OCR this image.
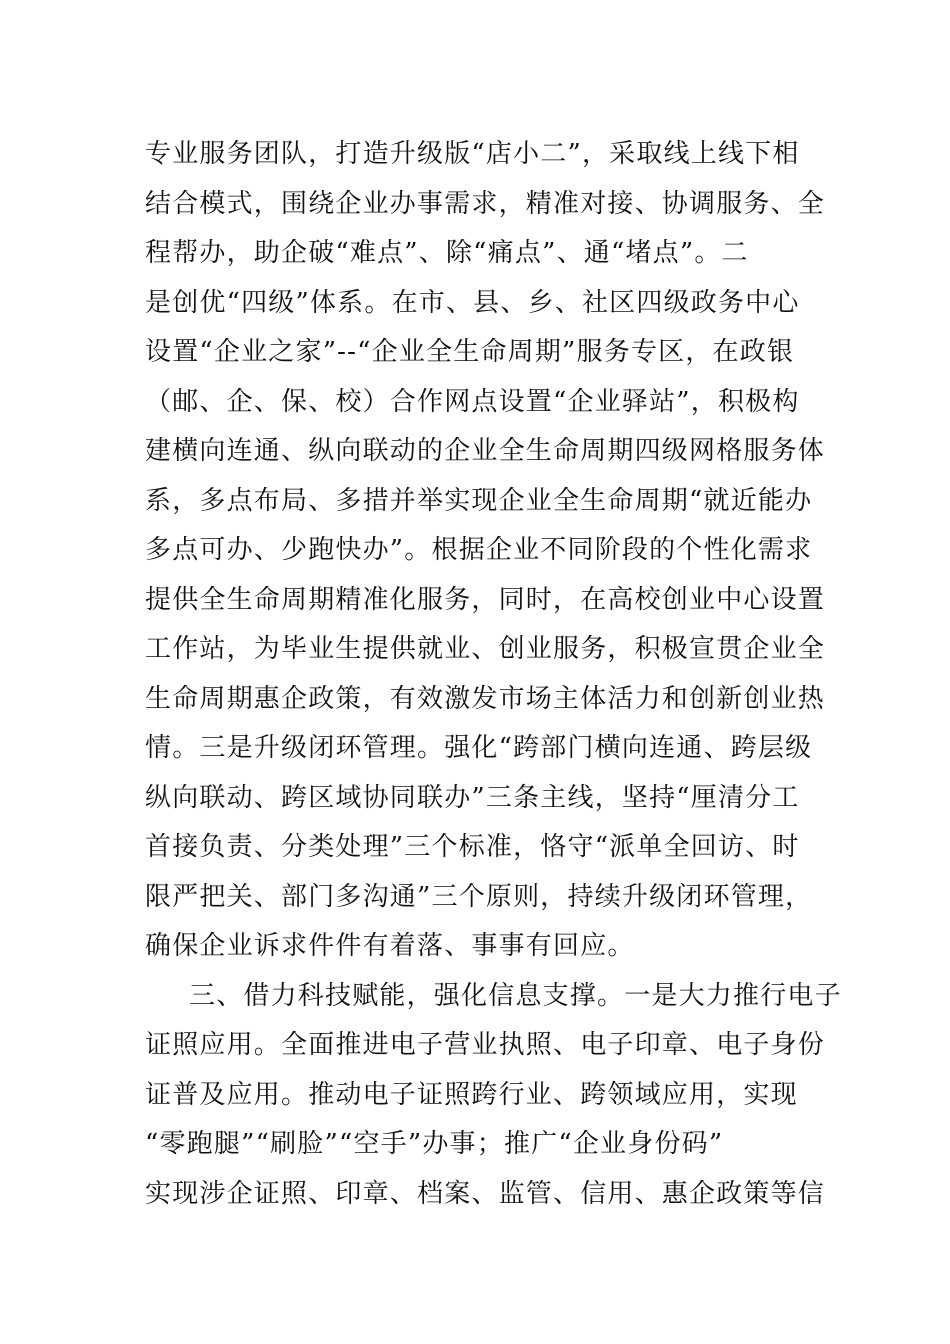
专业服务团队，打造升级版“店小二”，采取线上线下相
结合模式，围绕企业办事需求，精准对接、协调服务、全
程帮办，助企破“难点”、除“痛点”、通“堵点”。二
是创优“四级”体系。在市、县、乡、社区四级政务中心
设置“企业之家”--“企业全生命周期”服务专区，在政银
（邮、企、保、校）合作网点设置“企业驿站”，积极构
建横向连通、纵向联动的企业全生命周期四级网格服务体
系，多点布局、多措并举实现企业全生命周期“就近能办
多点可办、少跑快办”。根据企业不同阶段的个性化需求
提供全生命周期精准化服务，同时，在高校创业中心设置
工作站，为毕业生提供就业、创业服务，积极宣贯企业全
生命周期惠企政策，有效激发市场主体活力和创新创业热
情。三是升级闭环管理。强化“跨部门横向连通、跨层级
纵向联动、跨区域协同联办”三条主线，坚持“厘清分工
首接负责、分类处理”三个标准，恪守“派单全回访、时
限严把关、部门多沟通”三个原则，持续升级闭环管理，
确保企业诉求件件有着落、事事有回应。
三、借力科技赋能，强化信息支撑。一是大力推行电子
证照应用。全面推进电子营业执照、电子印章、电子身份
证普及应用。推动电子证照跨行业、跨领域应用，实现
“零跑腿”“刷脸”“空手”办事；推广“企业身份码”
实现涉企证照、印章、档案、监管、信用、惠企政策等信
